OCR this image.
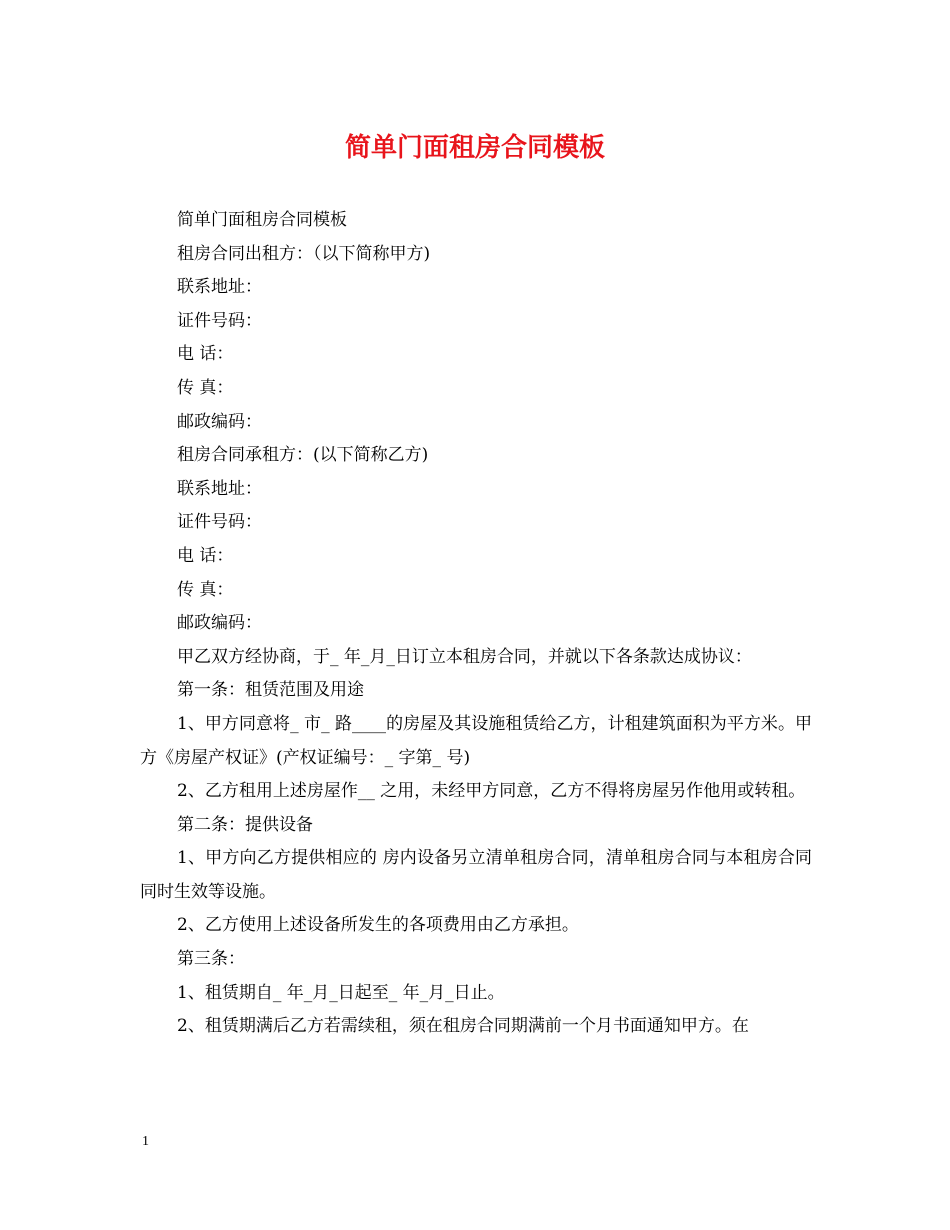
简单门面租房合同模板

简单门面租房合同模板

租房合同出租方：（以下简称甲方)

联系地址：

证件号码：

电 话：

传 真：

邮政编码：

租房合同承租方：(以下简称乙方)

联系地址：

证件号码：

电 话：

传 真：

邮政编码：

甲乙双方经协商，于_ 年_月_日订立本租房合同，并就以下各条款达成协议：

第一条：租赁范围及用途

1、甲方同意将_ 市_ 路____的房屋及其设施租赁给乙方，计租建筑面积为平方米。甲方《房屋产权证》(产权证编号：_ 字第_ 号)

2、乙方租用上述房屋作__ 之用，未经甲方同意，乙方不得将房屋另作他用或转租。

第二条：提供设备

1、甲方向乙方提供相应的 房内设备另立清单租房合同，清单租房合同与本租房合同同时生效等设施。

2、乙方使用上述设备所发生的各项费用由乙方承担。

第三条：

1、租赁期自_ 年_月_日起至_ 年_月_日止。

2、租赁期满后乙方若需续租，须在租房合同期满前一个月书面通知甲方。在

1
